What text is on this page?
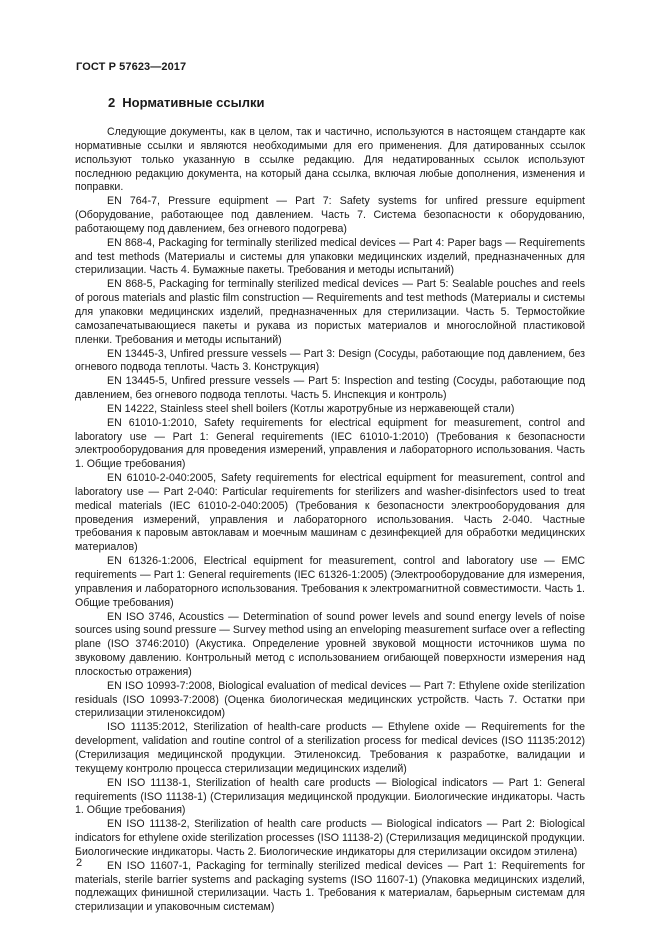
ГОСТ Р 57623—2017
2 Нормативные ссылки

Следующие документы, как в целом, так и частично, используются в настоящем стандарте как нормативные ссылки и являются необходимыми для его применения. Для датированных ссылок используют только указанную в ссылке редакцию. Для недатированных ссылок используют последнюю редакцию документа, на который дана ссылка, включая любые дополнения, изменения и поправки.

EN 764-7, Pressure equipment — Part 7: Safety systems for unfired pressure equipment (Оборудование, работающее под давлением. Часть 7. Система безопасности к оборудованию, работающему под давлением, без огневого подогрева)

EN 868-4, Packaging for terminally sterilized medical devices — Part 4: Paper bags — Requirements and test methods (Материалы и системы для упаковки медицинских изделий, предназначенных для стерилизации. Часть 4. Бумажные пакеты. Требования и методы испытаний)

EN 868-5, Packaging for terminally sterilized medical devices — Part 5: Sealable pouches and reels of porous materials and plastic film construction — Requirements and test methods (Материалы и системы для упаковки медицинских изделий, предназначенных для стерилизации. Часть 5. Термостойкие самозапечатывающиеся пакеты и рукава из пористых материалов и многослойной пластиковой пленки. Требования и методы испытаний)

EN 13445-3, Unfired pressure vessels — Part 3: Design (Сосуды, работающие под давлением, без огневого подвода теплоты. Часть 3. Конструкция)

EN 13445-5, Unfired pressure vessels — Part 5: Inspection and testing (Сосуды, работающие под давлением, без огневого подвода теплоты. Часть 5. Инспекция и контроль)

EN 14222, Stainless steel shell boilers (Котлы жаротрубные из нержавеющей стали)

EN 61010-1:2010, Safety requirements for electrical equipment for measurement, control and laboratory use — Part 1: General requirements (IEC 61010-1:2010) (Требования к безопасности электрооборудования для проведения измерений, управления и лабораторного использования. Часть 1. Общие требования)

EN 61010-2-040:2005, Safety requirements for electrical equipment for measurement, control and laboratory use — Part 2-040: Particular requirements for sterilizers and washer-disinfectors used to treat medical materials (IEC 61010-2-040:2005) (Требования к безопасности электрооборудования для проведения измерений, управления и лабораторного использования. Часть 2-040. Частные требования к паровым автоклавам и моечным машинам с дезинфекцией для обработки медицинских материалов)

EN 61326-1:2006, Electrical equipment for measurement, control and laboratory use — EMC requirements — Part 1: General requirements (IEC 61326-1:2005) (Электрооборудование для измерения, управления и лабораторного использования. Требования к электромагнитной совместимости. Часть 1. Общие требования)

EN ISO 3746, Acoustics — Determination of sound power levels and sound energy levels of noise sources using sound pressure — Survey method using an enveloping measurement surface over a reflecting plane (ISO 3746:2010) (Акустика. Определение уровней звуковой мощности источников шума по звуковому давлению. Контрольный метод с использованием огибающей поверхности измерения над плоскостью отражения)

EN ISO 10993-7:2008, Biological evaluation of medical devices — Part 7: Ethylene oxide sterilization residuals (ISO 10993-7:2008) (Оценка биологическая медицинских устройств. Часть 7. Остатки при стерилизации этиленоксидом)

ISO 11135:2012, Sterilization of health-care products — Ethylene oxide — Requirements for the development, validation and routine control of a sterilization process for medical devices (ISO 11135:2012) (Стерилизация медицинской продукции. Этиленоксид. Требования к разработке, валидации и текущему контролю процесса стерилизации медицинских изделий)

EN ISO 11138-1, Sterilization of health care products — Biological indicators — Part 1: General requirements (ISO 11138-1) (Стерилизация медицинской продукции. Биологические индикаторы. Часть 1. Общие требования)

EN ISO 11138-2, Sterilization of health care products — Biological indicators — Part 2: Biological indicators for ethylene oxide sterilization processes (ISO 11138-2) (Стерилизация медицинской продукции. Биологические индикаторы. Часть 2. Биологические индикаторы для стерилизации оксидом этилена)

EN ISO 11607-1, Packaging for terminally sterilized medical devices — Part 1: Requirements for materials, sterile barrier systems and packaging systems (ISO 11607-1) (Упаковка медицинских изделий, подлежащих финишной стерилизации. Часть 1. Требования к материалам, барьерным системам для стерилизации и упаковочным системам)

2
